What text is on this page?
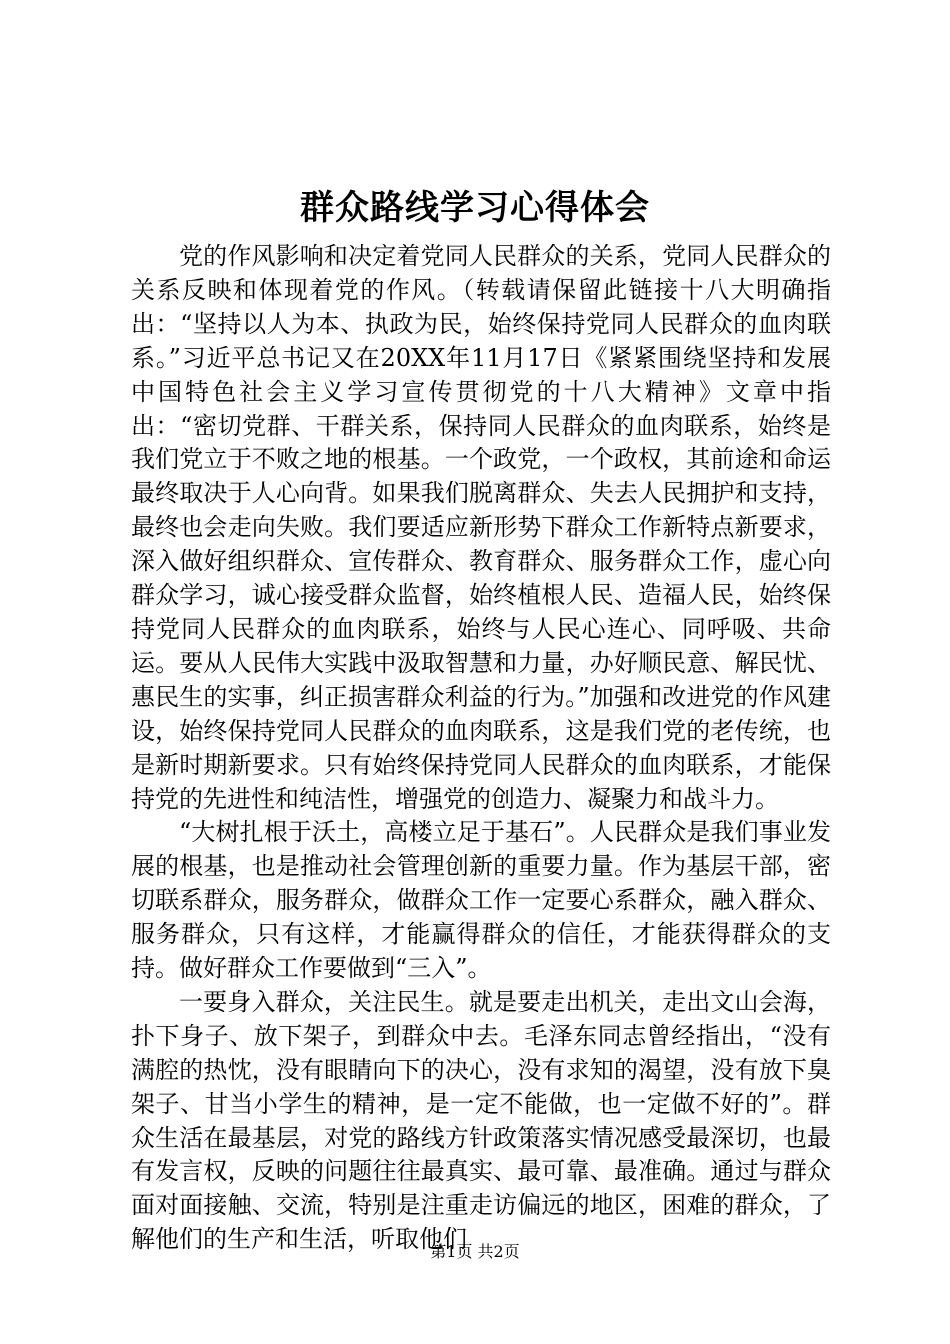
群众路线学习心得体会

党的作风影响和决定着党同人民群众的关系，党同人民群众的关系反映和体现着党的作风。（转载请保留此链接十八大明确指出：“坚持以人为本、执政为民，始终保持党同人民群众的血肉联系。”习近平总书记又在20XX年11月17日《紧紧围绕坚持和发展中国特色社会主义学习宣传贯彻党的十八大精神》文章中指出：“密切党群、干群关系，保持同人民群众的血肉联系，始终是我们党立于不败之地的根基。一个政党，一个政权，其前途和命运最终取决于人心向背。如果我们脱离群众、失去人民拥护和支持，最终也会走向失败。我们要适应新形势下群众工作新特点新要求，深入做好组织群众、宣传群众、教育群众、服务群众工作，虚心向群众学习，诚心接受群众监督，始终植根人民、造福人民，始终保持党同人民群众的血肉联系，始终与人民心连心、同呼吸、共命运。要从人民伟大实践中汲取智慧和力量，办好顺民意、解民忧、惠民生的实事，纠正损害群众利益的行为。”加强和改进党的作风建设，始终保持党同人民群众的血肉联系，这是我们党的老传统，也是新时期新要求。只有始终保持党同人民群众的血肉联系，才能保持党的先进性和纯洁性，增强党的创造力、凝聚力和战斗力。

“大树扎根于沃土，高楼立足于基石”。人民群众是我们事业发展的根基，也是推动社会管理创新的重要力量。作为基层干部，密切联系群众，服务群众，做群众工作一定要心系群众，融入群众、服务群众，只有这样，才能赢得群众的信任，才能获得群众的支持。做好群众工作要做到“三入”。

一要身入群众，关注民生。就是要走出机关，走出文山会海，扑下身子、放下架子，到群众中去。毛泽东同志曾经指出，“没有满腔的热忱，没有眼睛向下的决心，没有求知的渴望，没有放下臭架子、甘当小学生的精神，是一定不能做，也一定做不好的”。群众生活在最基层，对党的路线方针政策落实情况感受最深切，也最有发言权，反映的问题往往最真实、最可靠、最准确。通过与群众面对面接触、交流，特别是注重走访偏远的地区，困难的群众，了解他们的生产和生活，听取他们

第1页 共2页
